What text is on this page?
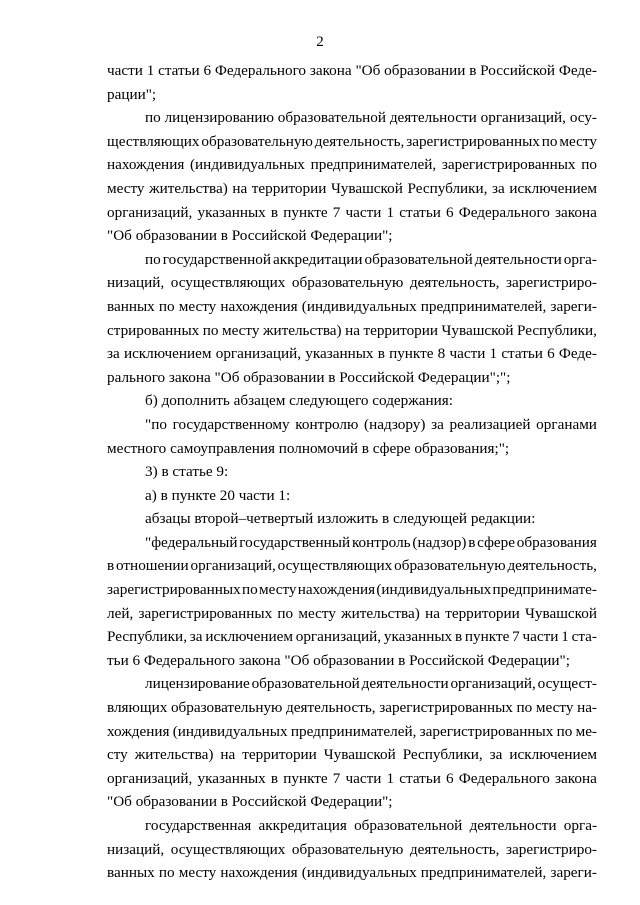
2
части 1 статьи 6 Федерального закона "Об образовании в Российской Феде-
рации";
по лицензированию образовательной деятельности организаций, осу-
ществляющих образовательную деятельность, зарегистрированных по месту
нахождения (индивидуальных предпринимателей, зарегистрированных по
месту жительства) на территории Чувашской Республики, за исключением
организаций, указанных в пункте 7 части 1 статьи 6 Федерального закона
"Об образовании в Российской Федерации";
по государственной аккредитации образовательной деятельности орга-
низаций, осуществляющих образовательную деятельность, зарегистриро-
ванных по месту нахождения (индивидуальных предпринимателей, зареги-
стрированных по месту жительства) на территории Чувашской Республики,
за исключением организаций, указанных в пункте 8 части 1 статьи 6 Феде-
рального закона "Об образовании в Российской Федерации";";
б) дополнить абзацем следующего содержания:
"по государственному контролю (надзору) за реализацией органами
местного самоуправления полномочий в сфере образования;";
3) в статье 9:
а) в пункте 20 части 1:
абзацы второй–четвертый изложить в следующей редакции:
"федеральный государственный контроль (надзор) в сфере образования
в отношении организаций, осуществляющих образовательную деятельность,
зарегистрированных по месту нахождения (индивидуальных предпринимате-
лей, зарегистрированных по месту жительства) на территории Чувашской
Республики, за исключением организаций, указанных в пункте 7 части 1 ста-
тьи 6 Федерального закона "Об образовании в Российской Федерации";
лицензирование образовательной деятельности организаций, осущест-
вляющих образовательную деятельность, зарегистрированных по месту на-
хождения (индивидуальных предпринимателей, зарегистрированных по ме-
сту жительства) на территории Чувашской Республики, за исключением
организаций, указанных в пункте 7 части 1 статьи 6 Федерального закона
"Об образовании в Российской Федерации";
государственная аккредитация образовательной деятельности орга-
низаций, осуществляющих образовательную деятельность, зарегистриро-
ванных по месту нахождения (индивидуальных предпринимателей, зареги-
